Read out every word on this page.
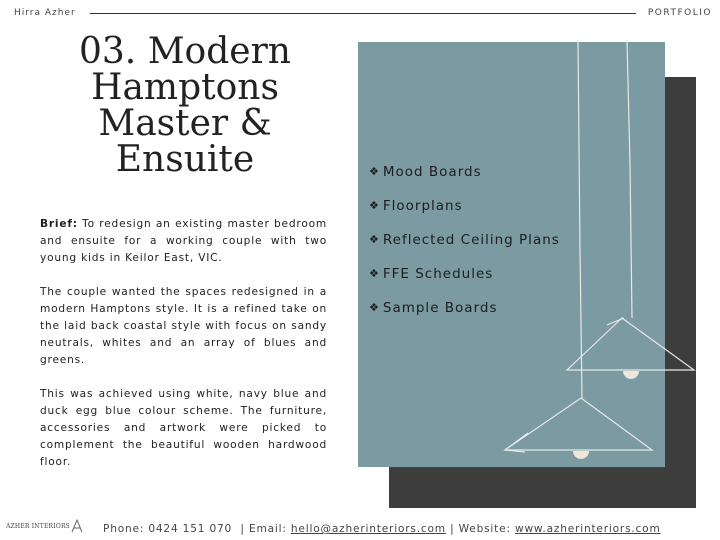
Hirra Azher	PORTFOLIO
03. Modern Hamptons Master & Ensuite

Brief: To redesign an existing master bedroom and ensuite for a working couple with two young kids in Keilor East, VIC.

The couple wanted the spaces redesigned in a modern Hamptons style. It is a refined take on the laid back coastal style with focus on sandy neutrals, whites and an array of blues and greens.

This was achieved using white, navy blue and duck egg blue colour scheme. The furniture, accessories and artwork were picked to complement the beautiful wooden hardwood floor.

❖ Mood Boards
❖ Floorplans
❖ Reflected Ceiling Plans
❖ FFE Schedules
❖ Sample Boards
AZHER INTERIORS	Phone: 0424 151 070  | Email: hello@azherinteriors.com | Website: www.azherinteriors.com
